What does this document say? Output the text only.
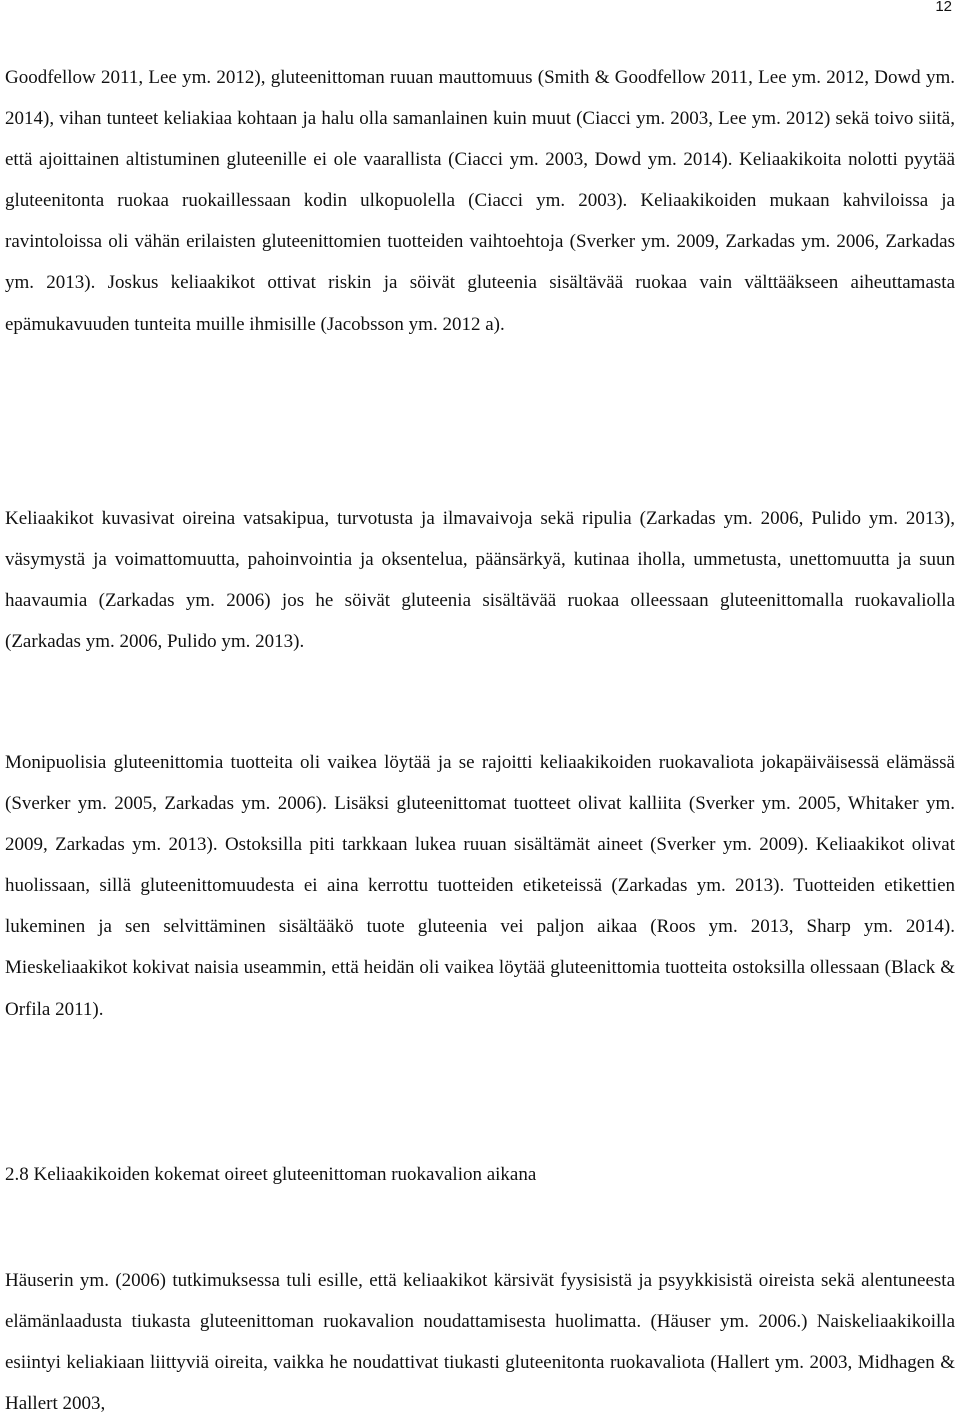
12

Goodfellow 2011, Lee ym. 2012), gluteenittoman ruuan mauttomuus (Smith & Goodfellow 2011, Lee ym. 2012, Dowd ym. 2014), vihan tunteet keliakiaa kohtaan ja halu olla samanlainen kuin muut (Ciacci ym. 2003, Lee ym. 2012) sekä toivo siitä, että ajoittainen altistuminen gluteenille ei ole vaarallista (Ciacci ym. 2003, Dowd ym. 2014). Keliaakikoita nolotti pyytää gluteenitonta ruokaa ruokaillessaan kodin ulkopuolella (Ciacci ym. 2003). Keliaakikoiden mukaan kahviloissa ja ravintoloissa oli vähän erilaisten gluteenittomien tuotteiden vaihtoehtoja (Sverker ym. 2009, Zarkadas ym. 2006, Zarkadas ym. 2013). Joskus keliaakikot ottivat riskin ja söivät gluteenia sisältävää ruokaa vain välttääkseen aiheuttamasta epämukavuuden tunteita muille ihmisille (Jacobsson ym. 2012 a).

Keliaakikot kuvasivat oireina vatsakipua, turvotusta ja ilmavaivoja sekä ripulia (Zarkadas ym. 2006, Pulido ym. 2013), väsymystä ja voimattomuutta, pahoinvointia ja oksentelua, päänsärkyä, kutinaa iholla, ummetusta, unettomuutta ja suun haavaumia (Zarkadas ym. 2006) jos he söivät gluteenia sisältävää ruokaa olleessaan gluteenittomalla ruokavaliolla (Zarkadas ym. 2006, Pulido ym. 2013).

Monipuolisia gluteenittomia tuotteita oli vaikea löytää ja se rajoitti keliaakikoiden ruokavaliota jokapäiväisessä elämässä (Sverker ym. 2005, Zarkadas ym. 2006). Lisäksi gluteenittomat tuotteet olivat kalliita (Sverker ym. 2005, Whitaker ym. 2009, Zarkadas ym. 2013). Ostoksilla piti tarkkaan lukea ruuan sisältämät aineet (Sverker ym. 2009). Keliaakikot olivat huolissaan, sillä gluteenittomuudesta ei aina kerrottu tuotteiden etiketeissä (Zarkadas ym. 2013). Tuotteiden etikettien lukeminen ja sen selvittäminen sisältääkö tuote gluteenia vei paljon aikaa (Roos ym. 2013, Sharp ym. 2014). Mieskeliaakikot kokivat naisia useammin, että heidän oli vaikea löytää gluteenittomia tuotteita ostoksilla ollessaan (Black & Orfila 2011).

2.8 Keliaakikoiden kokemat oireet gluteenittoman ruokavalion aikana

Häuserin ym. (2006) tutkimuksessa tuli esille, että keliaakikot kärsivät fyysisistä ja psyykkisistä oireista sekä alentuneesta elämänlaadusta tiukasta gluteenittoman ruokavalion noudattamisesta huolimatta. (Häuser ym. 2006.) Naiskeliaakikoilla esiintyi keliakiaan liittyviä oireita, vaikka he noudattivat tiukasti gluteenitonta ruokavaliota (Hallert ym. 2003, Midhagen & Hallert 2003,
